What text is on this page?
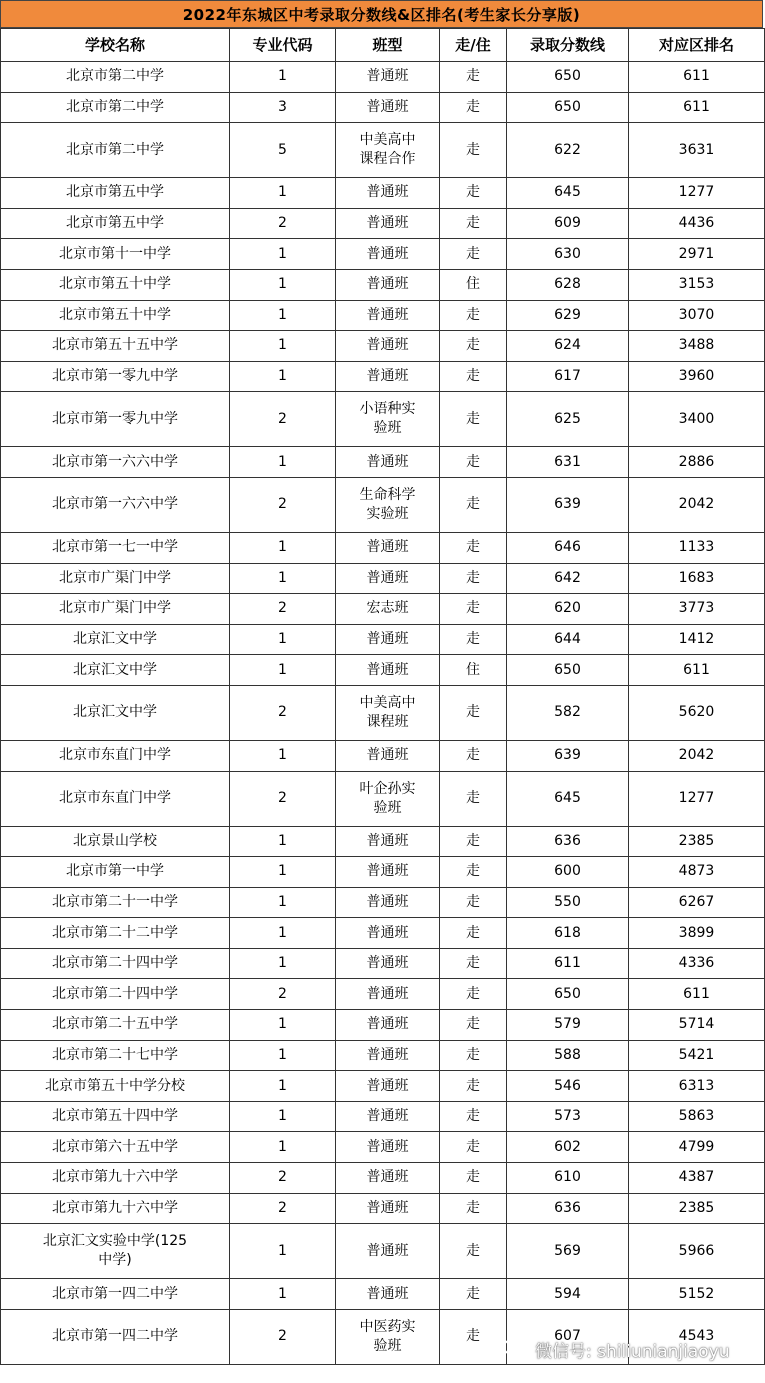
2022年东城区中考录取分数线&区排名(考生家长分享版)
学校名称	专业代码	班型	走/住	录取分数线	对应区排名
北京市第二中学	1	普通班	走	650	611
北京市第二中学	3	普通班	走	650	611
北京市第二中学	5	中美高中课程合作	走	622	3631
北京市第五中学	1	普通班	走	645	1277
北京市第五中学	2	普通班	走	609	4436
北京市第十一中学	1	普通班	走	630	2971
北京市第五十中学	1	普通班	住	628	3153
北京市第五十中学	1	普通班	走	629	3070
北京市第五十五中学	1	普通班	走	624	3488
北京市第一零九中学	1	普通班	走	617	3960
北京市第一零九中学	2	小语种实验班	走	625	3400
北京市第一六六中学	1	普通班	走	631	2886
北京市第一六六中学	2	生命科学实验班	走	639	2042
北京市第一七一中学	1	普通班	走	646	1133
北京市广渠门中学	1	普通班	走	642	1683
北京市广渠门中学	2	宏志班	走	620	3773
北京汇文中学	1	普通班	走	644	1412
北京汇文中学	1	普通班	住	650	611
北京汇文中学	2	中美高中课程班	走	582	5620
北京市东直门中学	1	普通班	走	639	2042
北京市东直门中学	2	叶企孙实验班	走	645	1277
北京景山学校	1	普通班	走	636	2385
北京市第一中学	1	普通班	走	600	4873
北京市第二十一中学	1	普通班	走	550	6267
北京市第二十二中学	1	普通班	走	618	3899
北京市第二十四中学	1	普通班	走	611	4336
北京市第二十四中学	2	普通班	走	650	611
北京市第二十五中学	1	普通班	走	579	5714
北京市第二十七中学	1	普通班	走	588	5421
北京市第五十中学分校	1	普通班	走	546	6313
北京市第五十四中学	1	普通班	走	573	5863
北京市第六十五中学	1	普通班	走	602	4799
北京市第九十六中学	2	普通班	走	610	4387
北京市第九十六中学	2	普通班	走	636	2385
北京汇文实验中学(125中学)	1	普通班	走	569	5966
北京市第一四二中学	1	普通班	走	594	5152
北京市第一四二中学	2	中医药实验班	走	607	4543
微信号: shiliunianjiaoyu
